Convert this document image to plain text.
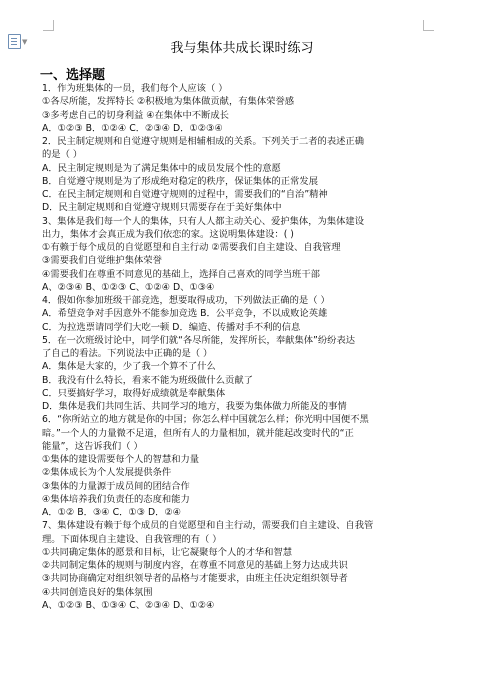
▼	我与集体共成长课时练习
一、选择题
1．作为班集体的一员，我们每个人应该（ ）
①各尽所能，发挥特长 ②积极地为集体做贡献，有集体荣誉感
③多考虑自己的切身利益 ④在集体中不断成长
A．①②③ B．①②④ C．②③④ D．①②③④
2．民主制定规则和自觉遵守规则是相辅相成的关系。下列关于二者的表述正确
的是（ ）
A．民主制定规则是为了满足集体中的成员发展个性的意愿
B．自觉遵守规则是为了形成绝对稳定的秩序，保证集体的正常发展
C．在民主制定规则和自觉遵守规则的过程中，需要我们的“自治”精神
D．民主制定规则和自觉遵守规则只需要存在于美好集体中
3、集体是我们每一个人的集体，只有人人都主动关心、爱护集体，为集体建设
出力，集体才会真正成为我们依恋的家。这说明集体建设：( )
①有赖于每个成员的自觉愿望和自主行动 ②需要我们自主建设、自我管理
③需要我们自觉维护集体荣誉
④需要我们在尊重不同意见的基础上，选择自己喜欢的同学当班干部
A、②③④ B、①②③ C、①②④ D、①③④
4．假如你参加班级干部竞选，想要取得成功，下列做法正确的是（ ）
A．希望竞争对手因意外不能参加竞选 B．公平竞争，不以成败论英雄
C．为拉选票请同学们大吃一顿 D．编造、传播对手不利的信息
5．在一次班级讨论中，同学们就“各尽所能，发挥所长，奉献集体”纷纷表达
了自己的看法。下列说法中正确的是（ ）
A．集体是大家的，少了我一个算不了什么
B．我没有什么特长，看来不能为班级做什么贡献了
C．只要搞好学习，取得好成绩就是奉献集体
D．集体是我们共同生活、共同学习的地方，我要为集体做力所能及的事情
6．“你所站立的地方就是你的中国；你怎么样中国就怎么样；你光明中国便不黑
暗。”一个人的力量微不足道，但所有人的力量相加，就并能起改变时代的“正
能量”，这告诉我们（ ）
①集体的建设需要每个人的智慧和力量
②集体成长为个人发展提供条件
③集体的力量源于成员间的团结合作
④集体培养我们负责任的态度和能力
A．①② B．③④ C．①③ D．②④
7、集体建设有赖于每个成员的自觉愿望和自主行动，需要我们自主建设、自我管
理。下面体现自主建设、自我管理的有（ ）
①共同确定集体的愿景和目标，让它凝聚每个人的才华和智慧
②共同制定集体的规则与制度内容，在尊重不同意见的基础上努力达成共识
③共同协商确定对组织领导者的品格与才能要求，由班主任决定组织领导者
④共同创造良好的集体氛围
A、①②③ B、①③④ C、②③④ D、①②④
